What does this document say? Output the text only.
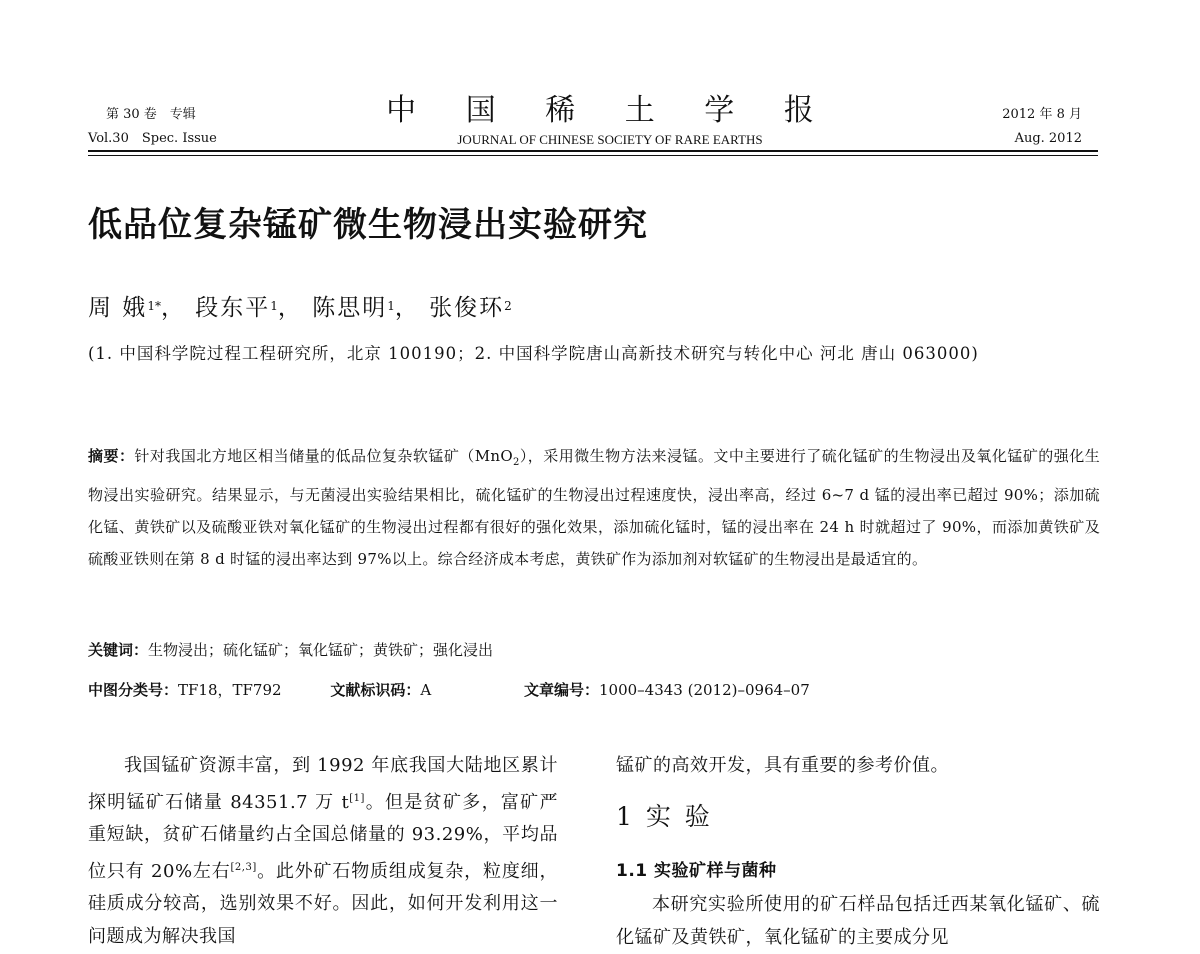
第 30 卷　专辑
Vol.30　Spec. Issue
中 国 稀 土 学 报
JOURNAL OF CHINESE SOCIETY OF RARE EARTHS
2012 年 8 月
Aug. 2012
低品位复杂锰矿微生物浸出实验研究
周 娥$^{1*}$， 段东平$^1$， 陈思明$^1$， 张俊环$^2$
(1. 中国科学院过程工程研究所，北京 100190；2. 中国科学院唐山高新技术研究与转化中心 河北 唐山 063000)
摘要：针对我国北方地区相当储量的低品位复杂软锰矿（MnO$_2$），采用微生物方法来浸锰。文中主要进行了硫化锰矿的生物浸出及氧化锰矿的强化生物浸出实验研究。结果显示，与无菌浸出实验结果相比，硫化锰矿的生物浸出过程速度快，浸出率高，经过 6~7 d 锰的浸出率已超过 90%；添加硫化锰、黄铁矿以及硫酸亚铁对氧化锰矿的生物浸出过程都有很好的强化效果，添加硫化锰时，锰的浸出率在 24 h 时就超过了 90%，而添加黄铁矿及硫酸亚铁则在第 8 d 时锰的浸出率达到 97%以上。综合经济成本考虑，黄铁矿作为添加剂对软锰矿的生物浸出是最适宜的。
关键词：生物浸出；硫化锰矿；氧化锰矿；黄铁矿；强化浸出
中图分类号：TF18，TF792	文献标识码：A	文章编号：1000–4343 (2012)–0964–07

我国锰矿资源丰富，到 1992 年底我国大陆地区累计探明锰矿石储量 84351.7 万 t[1]。但是贫矿多，富矿严重短缺，贫矿石储量约占全国总储量的 93.29%，平均品位只有 20%左右[2,3]。此外矿石物质组成复杂，粒度细，硅质成分较高，选别效果不好。因此，如何开发利用这一问题成为解决我国

锰矿的高效开发，具有重要的参考价值。

1 实 验

1.1 实验矿样与菌种

本研究实验所使用的矿石样品包括迁西某氧化锰矿、硫化锰矿及黄铁矿，氧化锰矿的主要成分见
